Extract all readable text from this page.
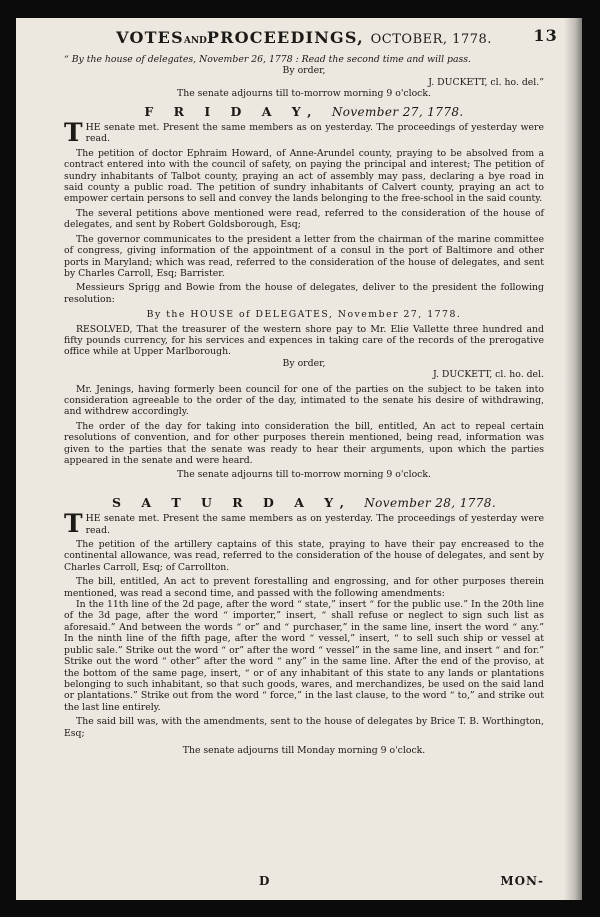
VOTESANDPROCEEDINGS, OCTOBER, 1778.	13

“ By the house of delegates, November 26, 1778 : Read the second time and will pass.

By order,

J. DUCKETT, cl. ho. del.”

The senate adjourns till to-morrow morning 9 o'clock.

F R I D A Y, November 27, 1778.

THE senate met. Present the same members as on yesterday. The proceedings of yesterday were read.

The petition of doctor Ephraim Howard, of Anne-Arundel county, praying to be absolved from a contract entered into with the council of safety, on paying the principal and interest; The petition of sundry inhabitants of Talbot county, praying an act of assembly may pass, declaring a bye road in said county a public road. The petition of sundry inhabitants of Calvert county, praying an act to empower certain persons to sell and convey the lands belonging to the free-school in the said county.

The several petitions above mentioned were read, referred to the consideration of the house of delegates, and sent by Robert Goldsborough, Esq;

The governor communicates to the president a letter from the chairman of the marine committee of congress, giving information of the appointment of a consul in the port of Baltimore and other ports in Maryland; which was read, referred to the consideration of the house of delegates, and sent by Charles Carroll, Esq; Barrister.

Messieurs Sprigg and Bowie from the house of delegates, deliver to the president the following resolution:

By the HOUSE of DELEGATES, November 27, 1778.

RESOLVED, That the treasurer of the western shore pay to Mr. Elie Vallette three hundred and fifty pounds currency, for his services and expences in taking care of the records of the prerogative office while at Upper Marlborough.

By order,

J. DUCKETT, cl. ho. del.

Mr. Jenings, having formerly been council for one of the parties on the subject to be taken into consideration agreeable to the order of the day, intimated to the senate his desire of withdrawing, and withdrew accordingly.

The order of the day for taking into consideration the bill, entitled, An act to repeal certain resolutions of convention, and for other purposes therein mentioned, being read, information was given to the parties that the senate was ready to hear their arguments, upon which the parties appeared in the senate and were heard.

The senate adjourns till to-morrow morning 9 o'clock.

S A T U R D A Y, November 28, 1778.

THE senate met. Present the same members as on yesterday. The proceedings of yesterday were read.

The petition of the artillery captains of this state, praying to have their pay encreased to the continental allowance, was read, referred to the consideration of the house of delegates, and sent by Charles Carroll, Esq; of Carrollton.

The bill, entitled, An act to prevent forestalling and engrossing, and for other purposes therein mentioned, was read a second time, and passed with the following amendments:

In the 11th line of the 2d page, after the word “ state,” insert “ for the public use.” In the 20th line of the 3d page, after the word “ importer,” insert, “ shall refuse or neglect to sign such list as aforesaid.” And between the words “ or” and “ purchaser,” in the same line, insert the word “ any.” In the ninth line of the fifth page, after the word “ vessel,” insert, “ to sell such ship or vessel at public sale.” Strike out the word “ or” after the word “ vessel” in the same line, and insert “ and for.” Strike out the word “ other” after the word “ any” in the same line. After the end of the proviso, at the bottom of the same page, insert, “ or of any inhabitant of this state to any lands or plantations belonging to such inhabitant, so that such goods, wares, and merchandizes, be used on the said land or plantations.” Strike out from the word “ force,” in the last clause, to the word “ to,” and strike out the last line entirely.

The said bill was, with the amendments, sent to the house of delegates by Brice T. B. Worthington, Esq;

The senate adjourns till Monday morning 9 o'clock.

D	MON-
